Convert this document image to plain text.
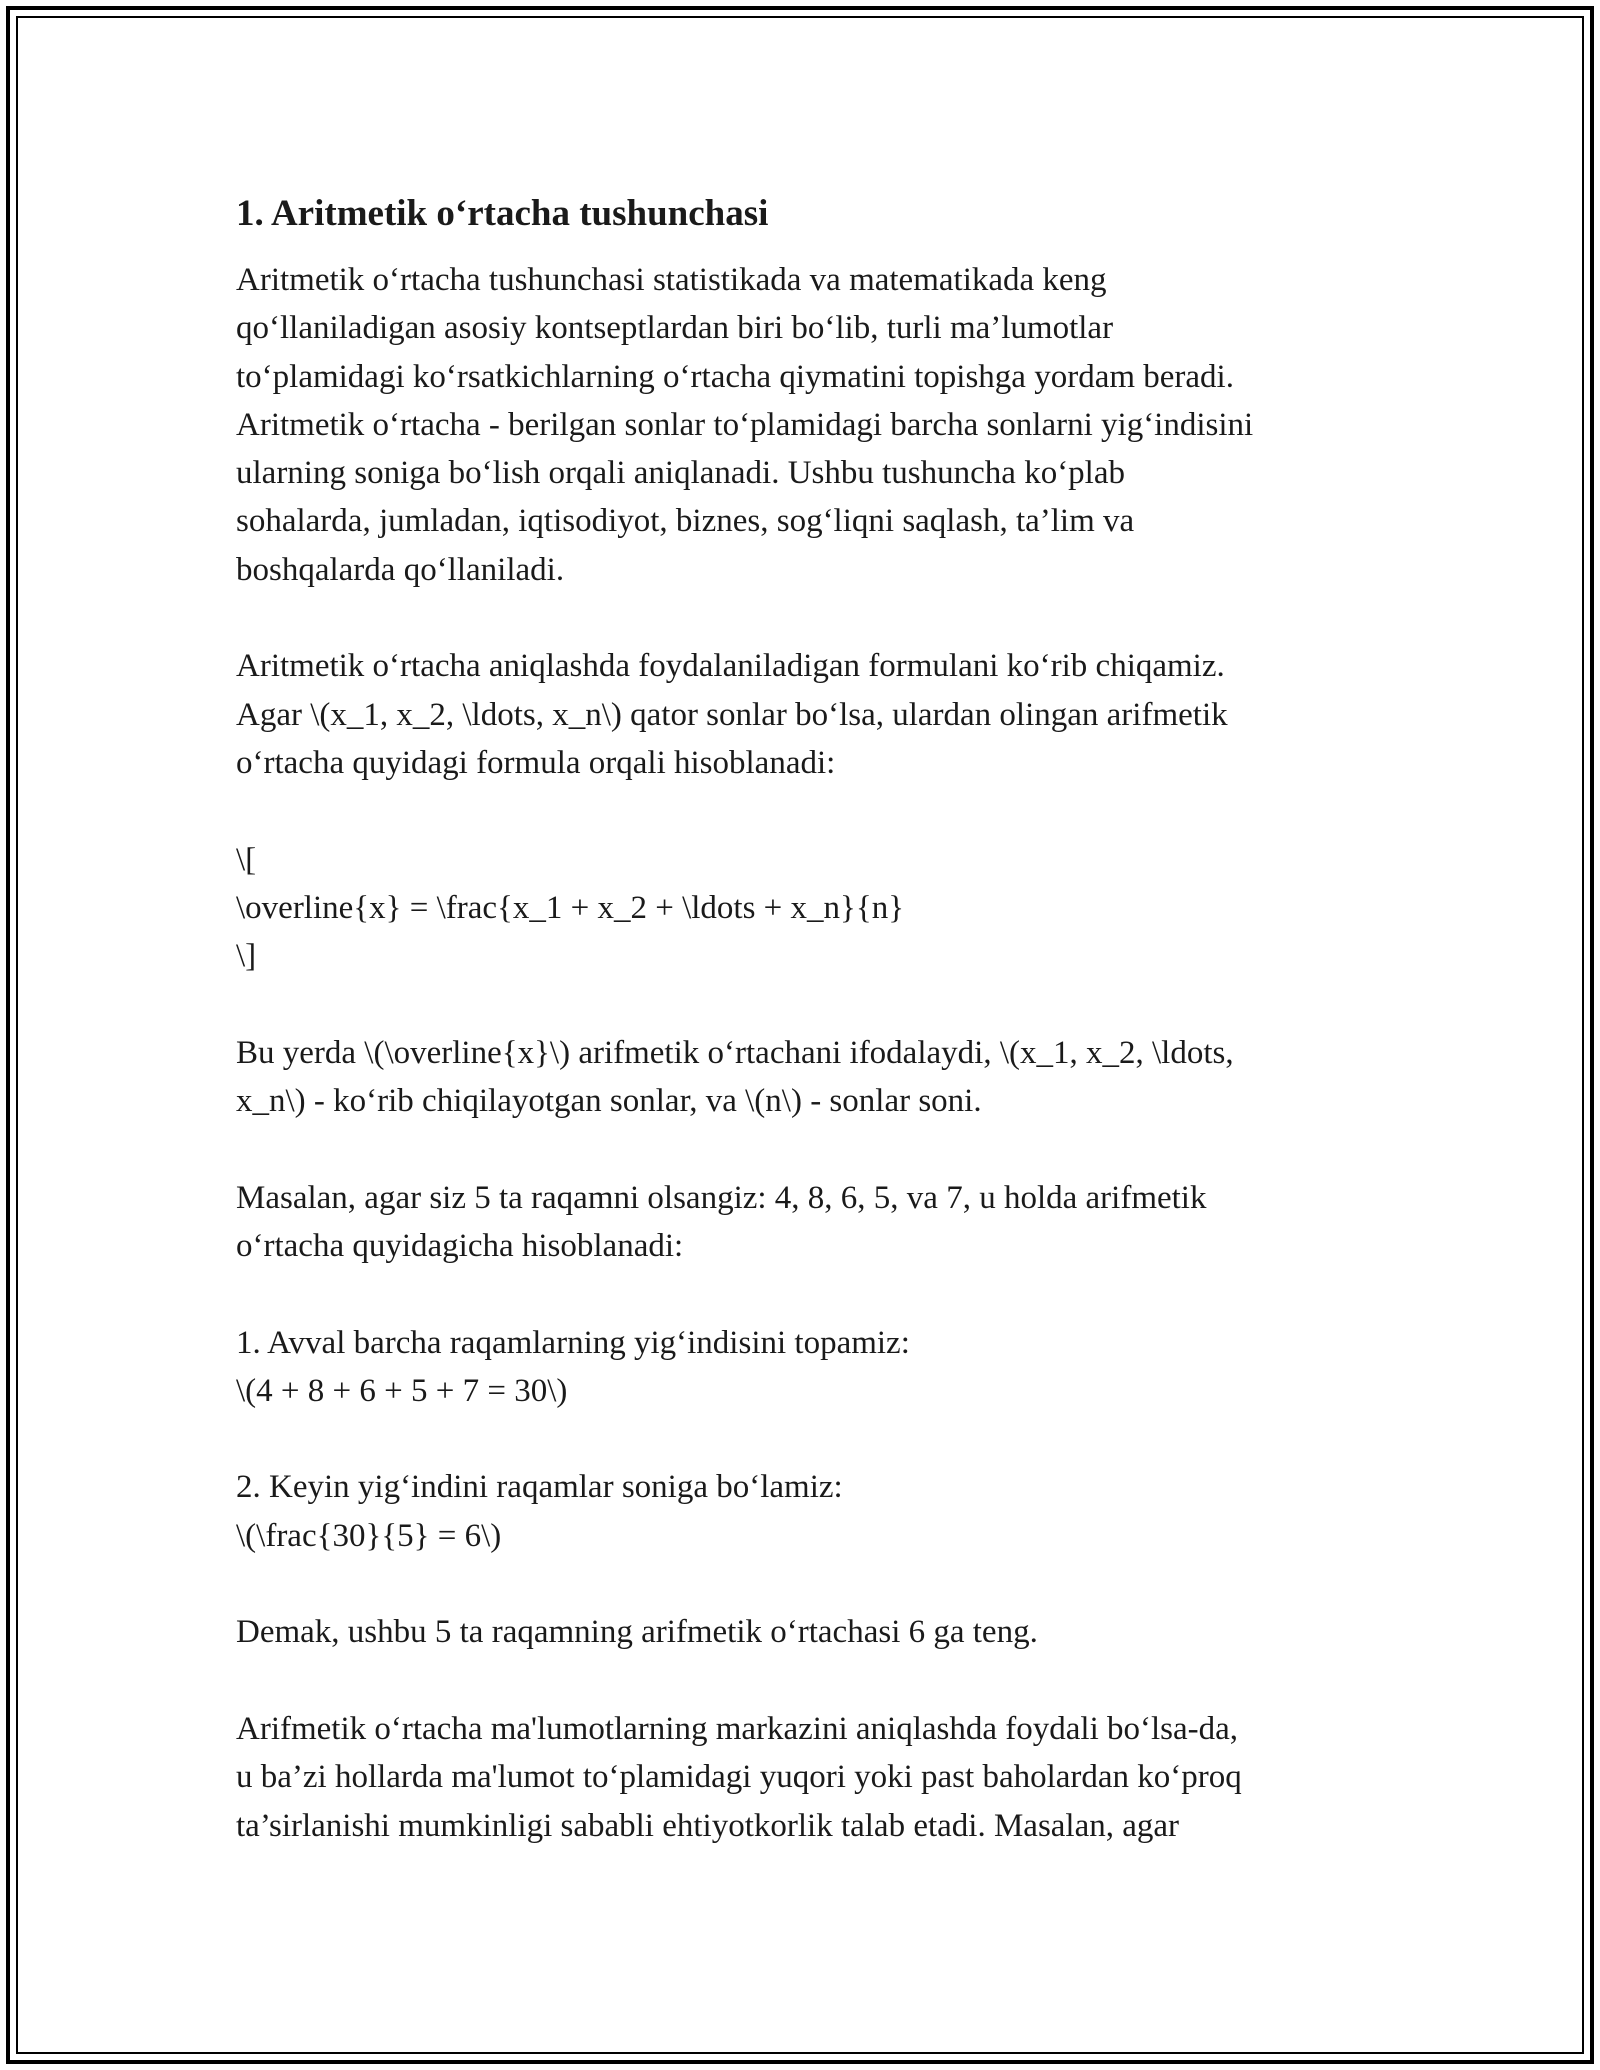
1. Aritmetik o‘rtacha tushunchasi
Aritmetik o‘rtacha tushunchasi statistikada va matematikada keng
qo‘llaniladigan asosiy kontseptlardan biri bo‘lib, turli ma’lumotlar
to‘plamidagi ko‘rsatkichlarning o‘rtacha qiymatini topishga yordam beradi.
Aritmetik o‘rtacha - berilgan sonlar to‘plamidagi barcha sonlarni yig‘indisini
ularning soniga bo‘lish orqali aniqlanadi. Ushbu tushuncha ko‘plab
sohalarda, jumladan, iqtisodiyot, biznes, sog‘liqni saqlash, ta’lim va
boshqalarda qo‘llaniladi.
Aritmetik o‘rtacha aniqlashda foydalaniladigan formulani ko‘rib chiqamiz.
Agar \(x_1, x_2, \ldots, x_n\) qator sonlar bo‘lsa, ulardan olingan arifmetik
o‘rtacha quyidagi formula orqali hisoblanadi:
\[
\overline{x} = \frac{x_1 + x_2 + \ldots + x_n}{n}
\]
Bu yerda \(\overline{x}\) arifmetik o‘rtachani ifodalaydi, \(x_1, x_2, \ldots,
x_n\) - ko‘rib chiqilayotgan sonlar, va \(n\) - sonlar soni.
Masalan, agar siz 5 ta raqamni olsangiz: 4, 8, 6, 5, va 7, u holda arifmetik
o‘rtacha quyidagicha hisoblanadi:
1. Avval barcha raqamlarning yig‘indisini topamiz:
\(4 + 8 + 6 + 5 + 7 = 30\)
2. Keyin yig‘indini raqamlar soniga bo‘lamiz:
\(\frac{30}{5} = 6\)
Demak, ushbu 5 ta raqamning arifmetik o‘rtachasi 6 ga teng.
Arifmetik o‘rtacha ma'lumotlarning markazini aniqlashda foydali bo‘lsa-da,
u ba’zi hollarda ma'lumot to‘plamidagi yuqori yoki past baholardan ko‘proq
ta’sirlanishi mumkinligi sababli ehtiyotkorlik talab etadi. Masalan, agar
